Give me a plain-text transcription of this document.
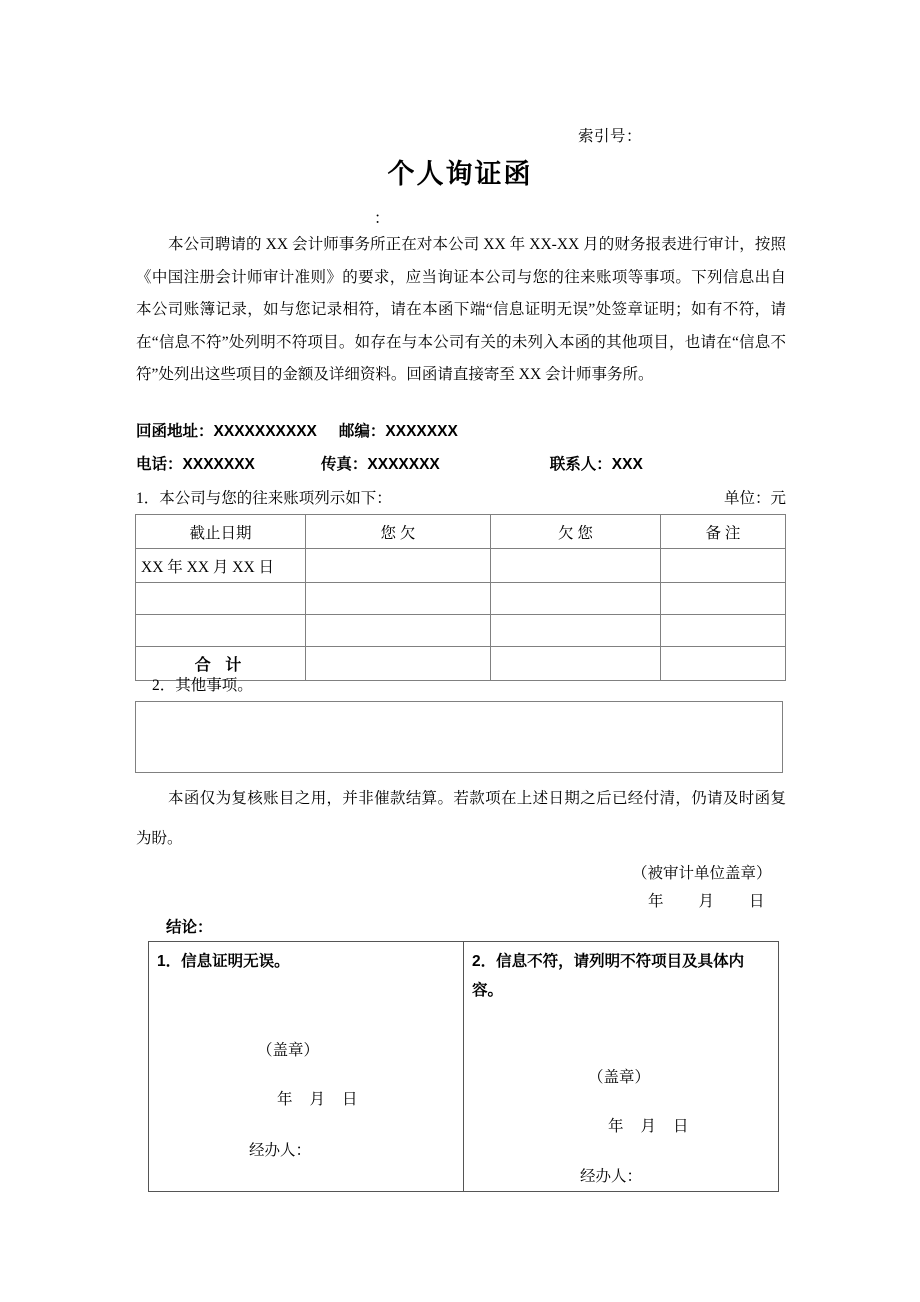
索引号：
个人询证函
：
本公司聘请的 XX 会计师事务所正在对本公司 XX 年 XX-XX 月的财务报表进行审计，按照《中国注册会计师审计准则》的要求，应当询证本公司与您的往来账项等事项。下列信息出自本公司账簿记录，如与您记录相符，请在本函下端“信息证明无误”处签章证明；如有不符，请在“信息不符”处列明不符项目。如存在与本公司有关的未列入本函的其他项目，也请在“信息不符”处列出这些项目的金额及详细资料。回函请直接寄至 XX 会计师事务所。
回函地址：XXXXXXXXXX 邮编：XXXXXXX
电话：XXXXXXX	传真：XXXXXXX	联系人：XXX
1．本公司与您的往来账项列示如下：	单位：元
截止日期	您 欠	欠 您	备 注
XX 年 XX 月 XX 日			

合 计			
2．其他事项。
本函仅为复核账目之用，并非催款结算。若款项在上述日期之后已经付清，仍请及时函复为盼。
（被审计单位盖章）
年 月 日
结论：
1．信息证明无误。
（盖章）
年 月 日
经办人：

2．信息不符，请列明不符项目及具体内容。
（盖章）
年 月 日
经办人：
